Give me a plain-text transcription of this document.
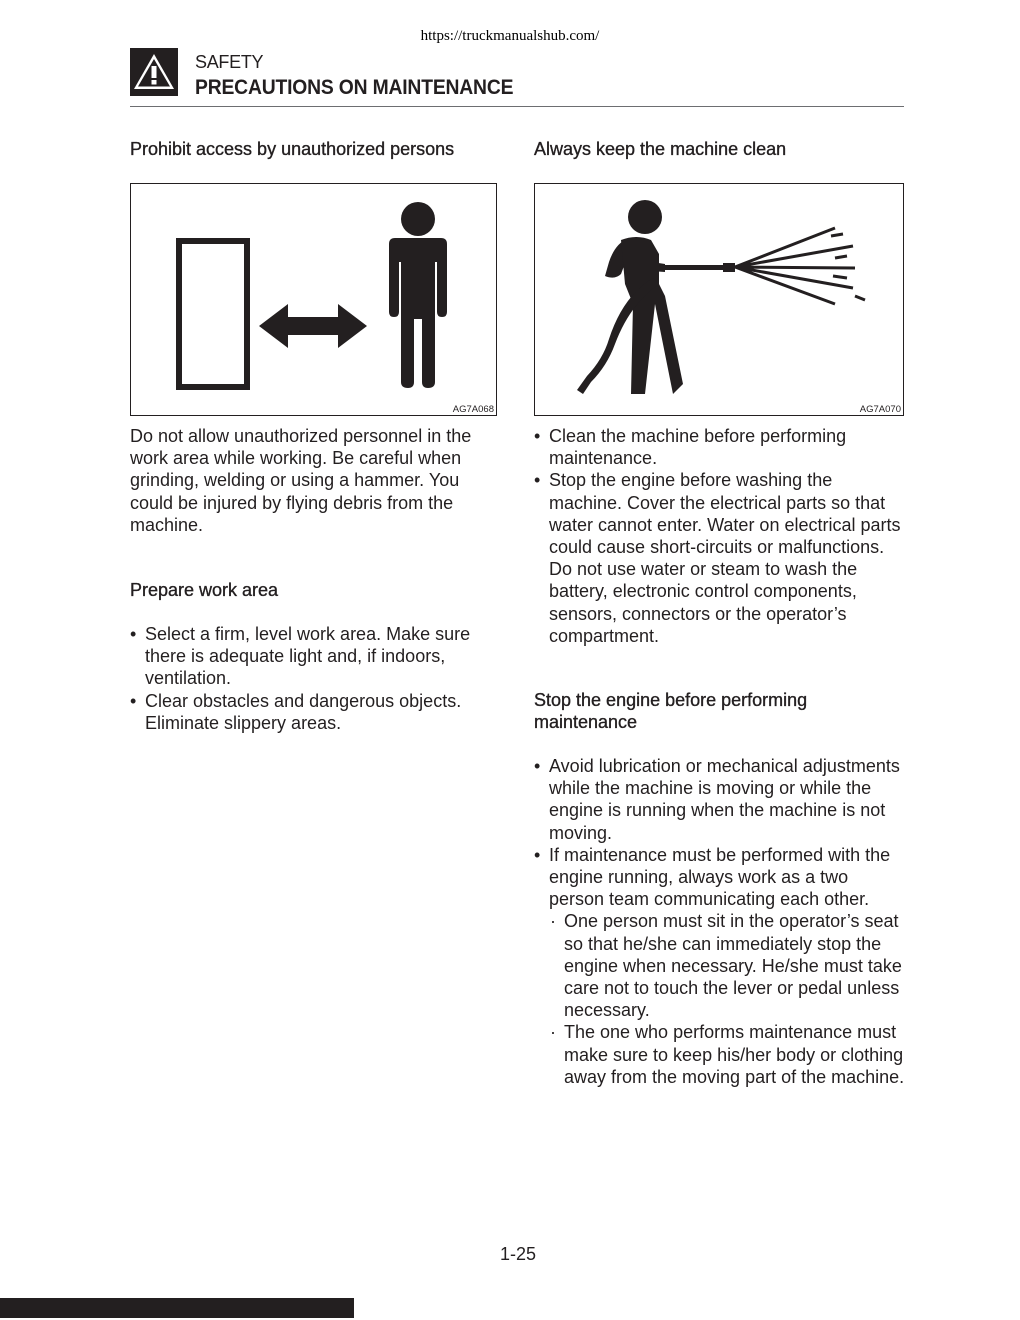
https://truckmanualshub.com/
SAFETY
PRECAUTIONS ON MAINTENANCE
Prohibit access by unauthorized persons
AG7A068

Do not allow unauthorized personnel in the work area while working. Be careful when grinding, welding or using a hammer. You could be injured by flying debris from the machine.

Prepare work area
• Select a firm, level work area. Make sure there is adequate light and, if indoors, ventilation.
• Clear obstacles and dangerous objects. Eliminate slippery areas.
Always keep the machine clean
AG7A070
• Clean the machine before performing maintenance.
• Stop the engine before washing the machine. Cover the electrical parts so that water cannot enter. Water on electrical parts could cause short-circuits or malfunctions. Do not use water or steam to wash the battery, electronic control components, sensors, connectors or the operator’s compartment.
Stop the engine before performing maintenance
• Avoid lubrication or mechanical adjustments while the machine is moving or while the engine is running when the machine is not moving.
• If maintenance must be performed with the engine running, always work as a two person team communicating each other.
· One person must sit in the operator’s seat so that he/she can immediately stop the engine when necessary. He/she must take care not to touch the lever or pedal unless necessary.
· The one who performs maintenance must make sure to keep his/her body or clothing away from the moving part of the machine.
1-25
